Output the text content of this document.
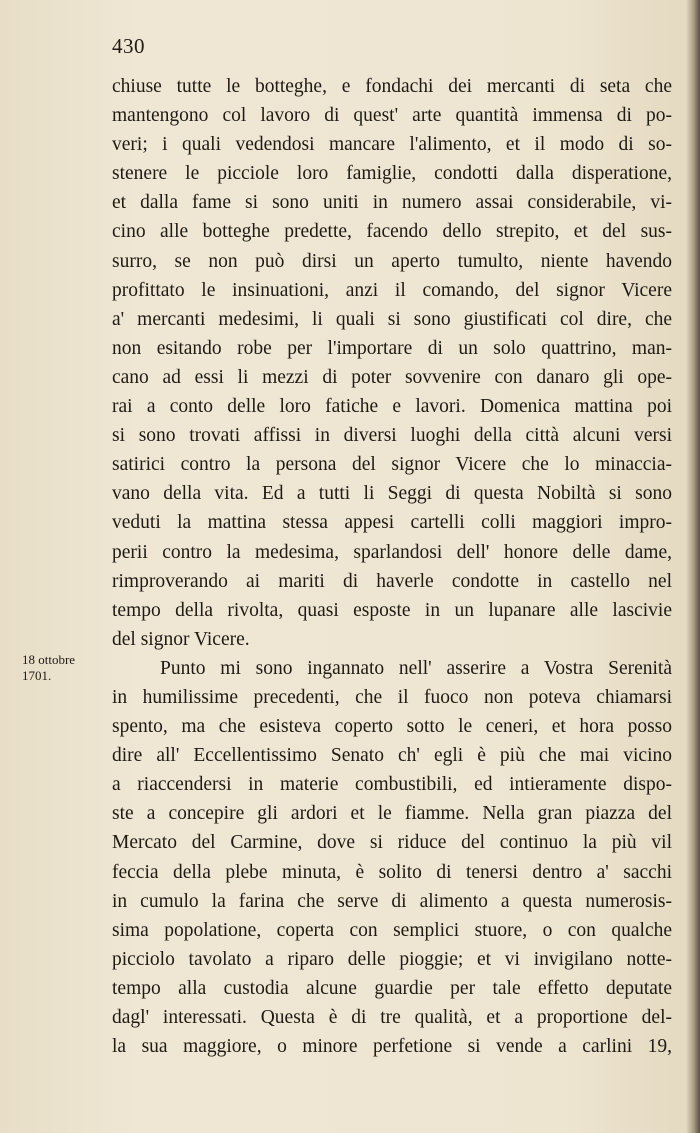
430
18 ottobre
1701.
chiuse tutte le botteghe, e fondachi dei mercanti di seta che
mantengono col lavoro di quest' arte quantità immensa di po-
veri; i quali vedendosi mancare l'alimento, et il modo di so-
stenere le picciole loro famiglie, condotti dalla disperatione,
et dalla fame si sono uniti in numero assai considerabile, vi-
cino alle botteghe predette, facendo dello strepito, et del sus-
surro, se non può dirsi un aperto tumulto, niente havendo
profittato le insinuationi, anzi il comando, del signor Vicere
a' mercanti medesimi, li quali si sono giustificati col dire, che
non esitando robe per l'importare di un solo quattrino, man-
cano ad essi li mezzi di poter sovvenire con danaro gli ope-
rai a conto delle loro fatiche e lavori. Domenica mattina poi
si sono trovati affissi in diversi luoghi della città alcuni versi
satirici contro la persona del signor Vicere che lo minaccia-
vano della vita. Ed a tutti li Seggi di questa Nobiltà si sono
veduti la mattina stessa appesi cartelli colli maggiori impro-
perii contro la medesima, sparlandosi dell' honore delle dame,
rimproverando ai mariti di haverle condotte in castello nel
tempo della rivolta, quasi esposte in un lupanare alle lascivie
del signor Vicere.
Punto mi sono ingannato nell' asserire a Vostra Serenità
in humilissime precedenti, che il fuoco non poteva chiamarsi
spento, ma che esisteva coperto sotto le ceneri, et hora posso
dire all' Eccellentissimo Senato ch' egli è più che mai vicino
a riaccendersi in materie combustibili, ed intieramente dispo-
ste a concepire gli ardori et le fiamme. Nella gran piazza del
Mercato del Carmine, dove si riduce del continuo la più vil
feccia della plebe minuta, è solito di tenersi dentro a' sacchi
in cumulo la farina che serve di alimento a questa numerosis-
sima popolatione, coperta con semplici stuore, o con qualche
picciolo tavolato a riparo delle pioggie; et vi invigilano notte-
tempo alla custodia alcune guardie per tale effetto deputate
dagl' interessati. Questa è di tre qualità, et a proportione del-
la sua maggiore, o minore perfetione si vende a carlini 19,
